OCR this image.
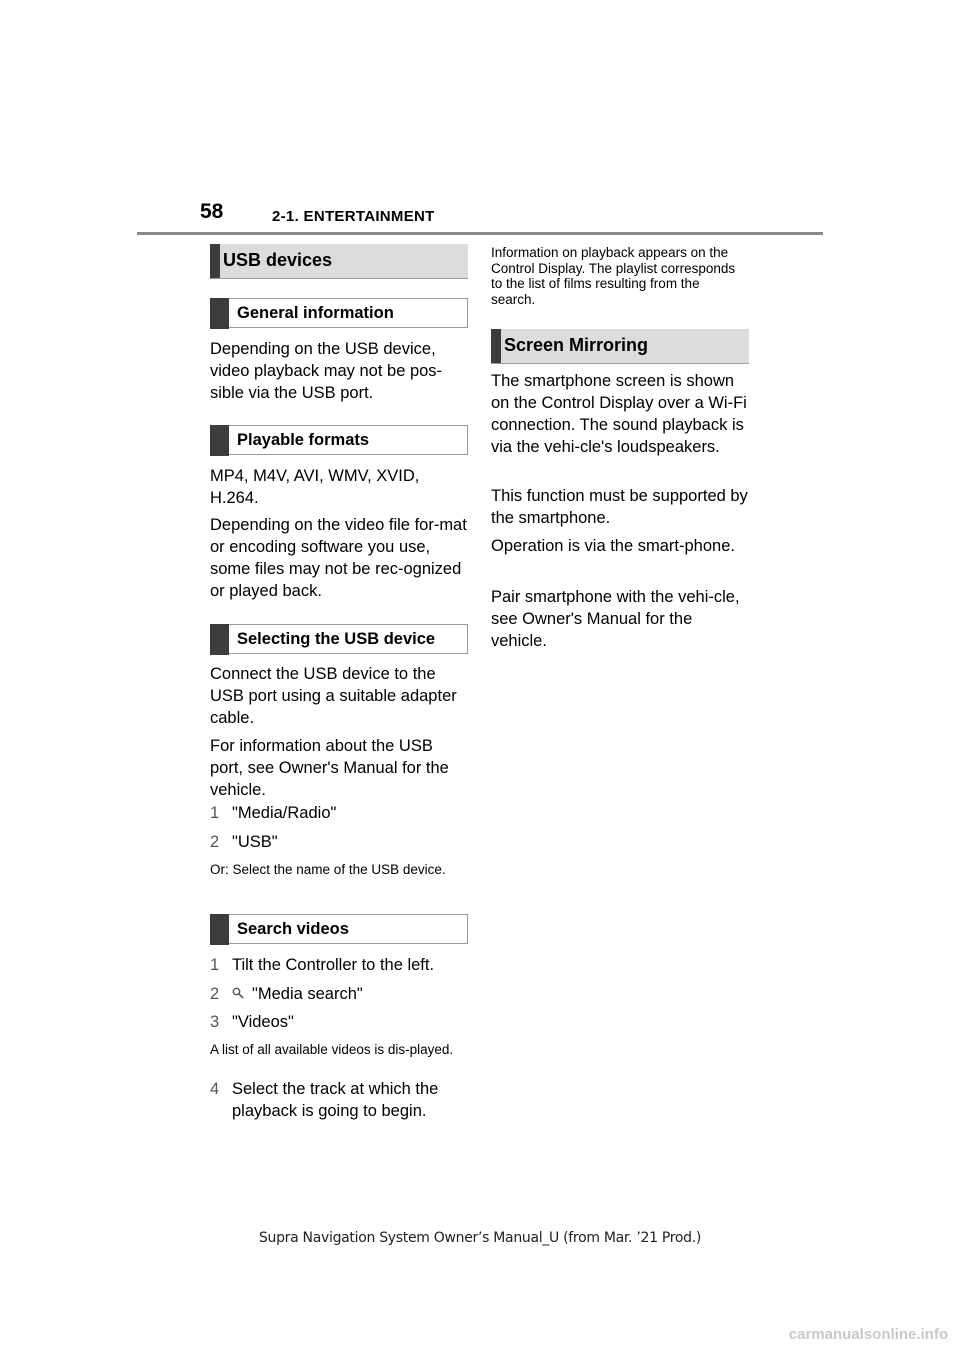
58	2-1. ENTERTAINMENT
USB devices
General information
Depending on the USB device, video playback may not be pos-sible via the USB port.
Playable formats
MP4, M4V, AVI, WMV, XVID, H.264.
Depending on the video file for-mat or encoding software you use, some files may not be rec-ognized or played back.
Selecting the USB device
Connect the USB device to the USB port using a suitable adapter cable.
For information about the USB port, see Owner's Manual for the vehicle.
1 "Media/Radio"
2 "USB"
Or: Select the name of the USB device.
Search videos
1 Tilt the Controller to the left.
2 "Media search"
3 "Videos"
A list of all available videos is dis-played.
4 Select the track at which the playback is going to begin.
Information on playback appears on the Control Display. The playlist corresponds to the list of films resulting from the search.
Screen Mirroring
The smartphone screen is shown on the Control Display over a Wi-Fi connection. The sound playback is via the vehi-cle's loudspeakers.
This function must be supported by the smartphone.
Operation is via the smart-phone.
Pair smartphone with the vehi-cle, see Owner's Manual for the vehicle.
Supra Navigation System Owner’s Manual_U (from Mar. ’21 Prod.)
carmanualsonline.info
